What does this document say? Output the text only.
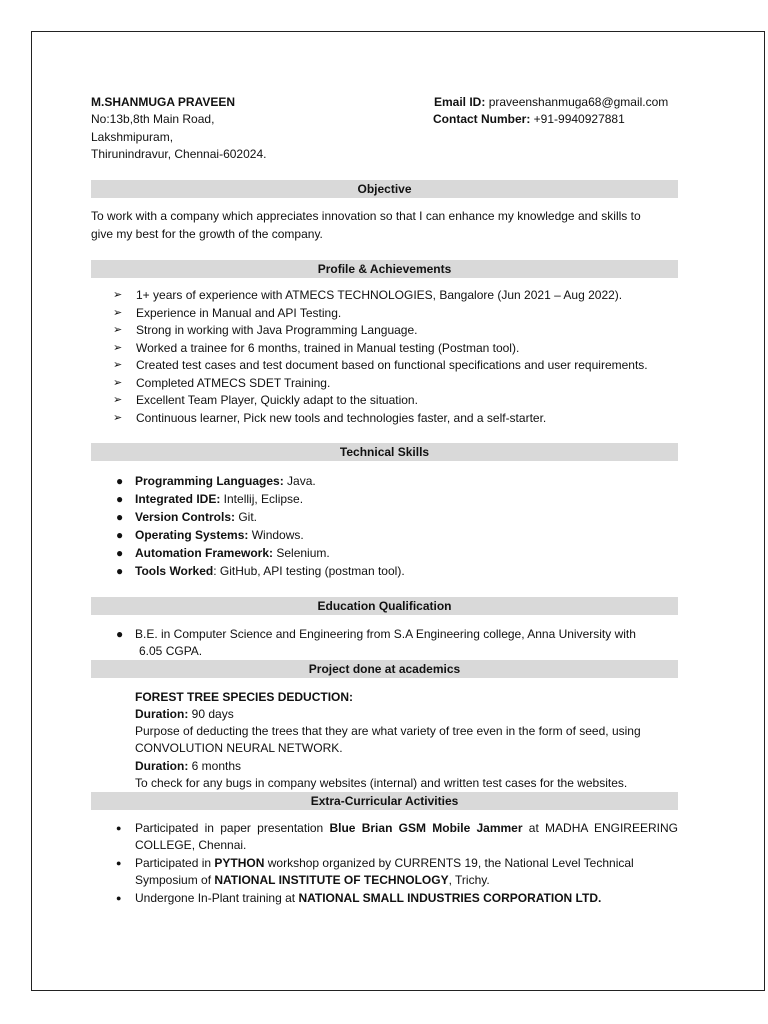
M.SHANMUGA PRAVEEN
No:13b,8th Main Road,
Lakshmipuram,
Thirunindravur, Chennai-602024.
Email ID: praveenshanmuga68@gmail.com
Contact Number: +91-9940927881
Objective
To work with a company which appreciates innovation so that I can enhance my knowledge and skills to
give my best for the growth of the company.
Profile & Achievements
➢ 1+ years of experience with ATMECS TECHNOLOGIES, Bangalore (Jun 2021 – Aug 2022).
➢ Experience in Manual and API Testing.
➢ Strong in working with Java Programming Language.
➢ Worked a trainee for 6 months, trained in Manual testing (Postman tool).
➢ Created test cases and test document based on functional specifications and user requirements.
➢ Completed ATMECS SDET Training.
➢ Excellent Team Player, Quickly adapt to the situation.
➢ Continuous learner, Pick new tools and technologies faster, and a self-starter.
Technical Skills
● Programming Languages: Java.
● Integrated IDE: Intellij, Eclipse.
● Version Controls: Git.
● Operating Systems: Windows.
● Automation Framework: Selenium.
● Tools Worked: GitHub, API testing (postman tool).
Education Qualification
● B.E. in Computer Science and Engineering from S.A Engineering college, Anna University with
6.05 CGPA.
Project done at academics
FOREST TREE SPECIES DEDUCTION:
Duration: 90 days
Purpose of deducting the trees that they are what variety of tree even in the form of seed, using
CONVOLUTION NEURAL NETWORK.
Duration: 6 months
To check for any bugs in company websites (internal) and written test cases for the websites.
Extra-Curricular Activities
● Participated in paper presentation Blue Brian GSM Mobile Jammer at MADHA ENGIREERING
COLLEGE, Chennai.
● Participated in PYTHON workshop organized by CURRENTS 19, the National Level Technical
Symposium of NATIONAL INSTITUTE OF TECHNOLOGY, Trichy.
● Undergone In-Plant training at NATIONAL SMALL INDUSTRIES CORPORATION LTD.
